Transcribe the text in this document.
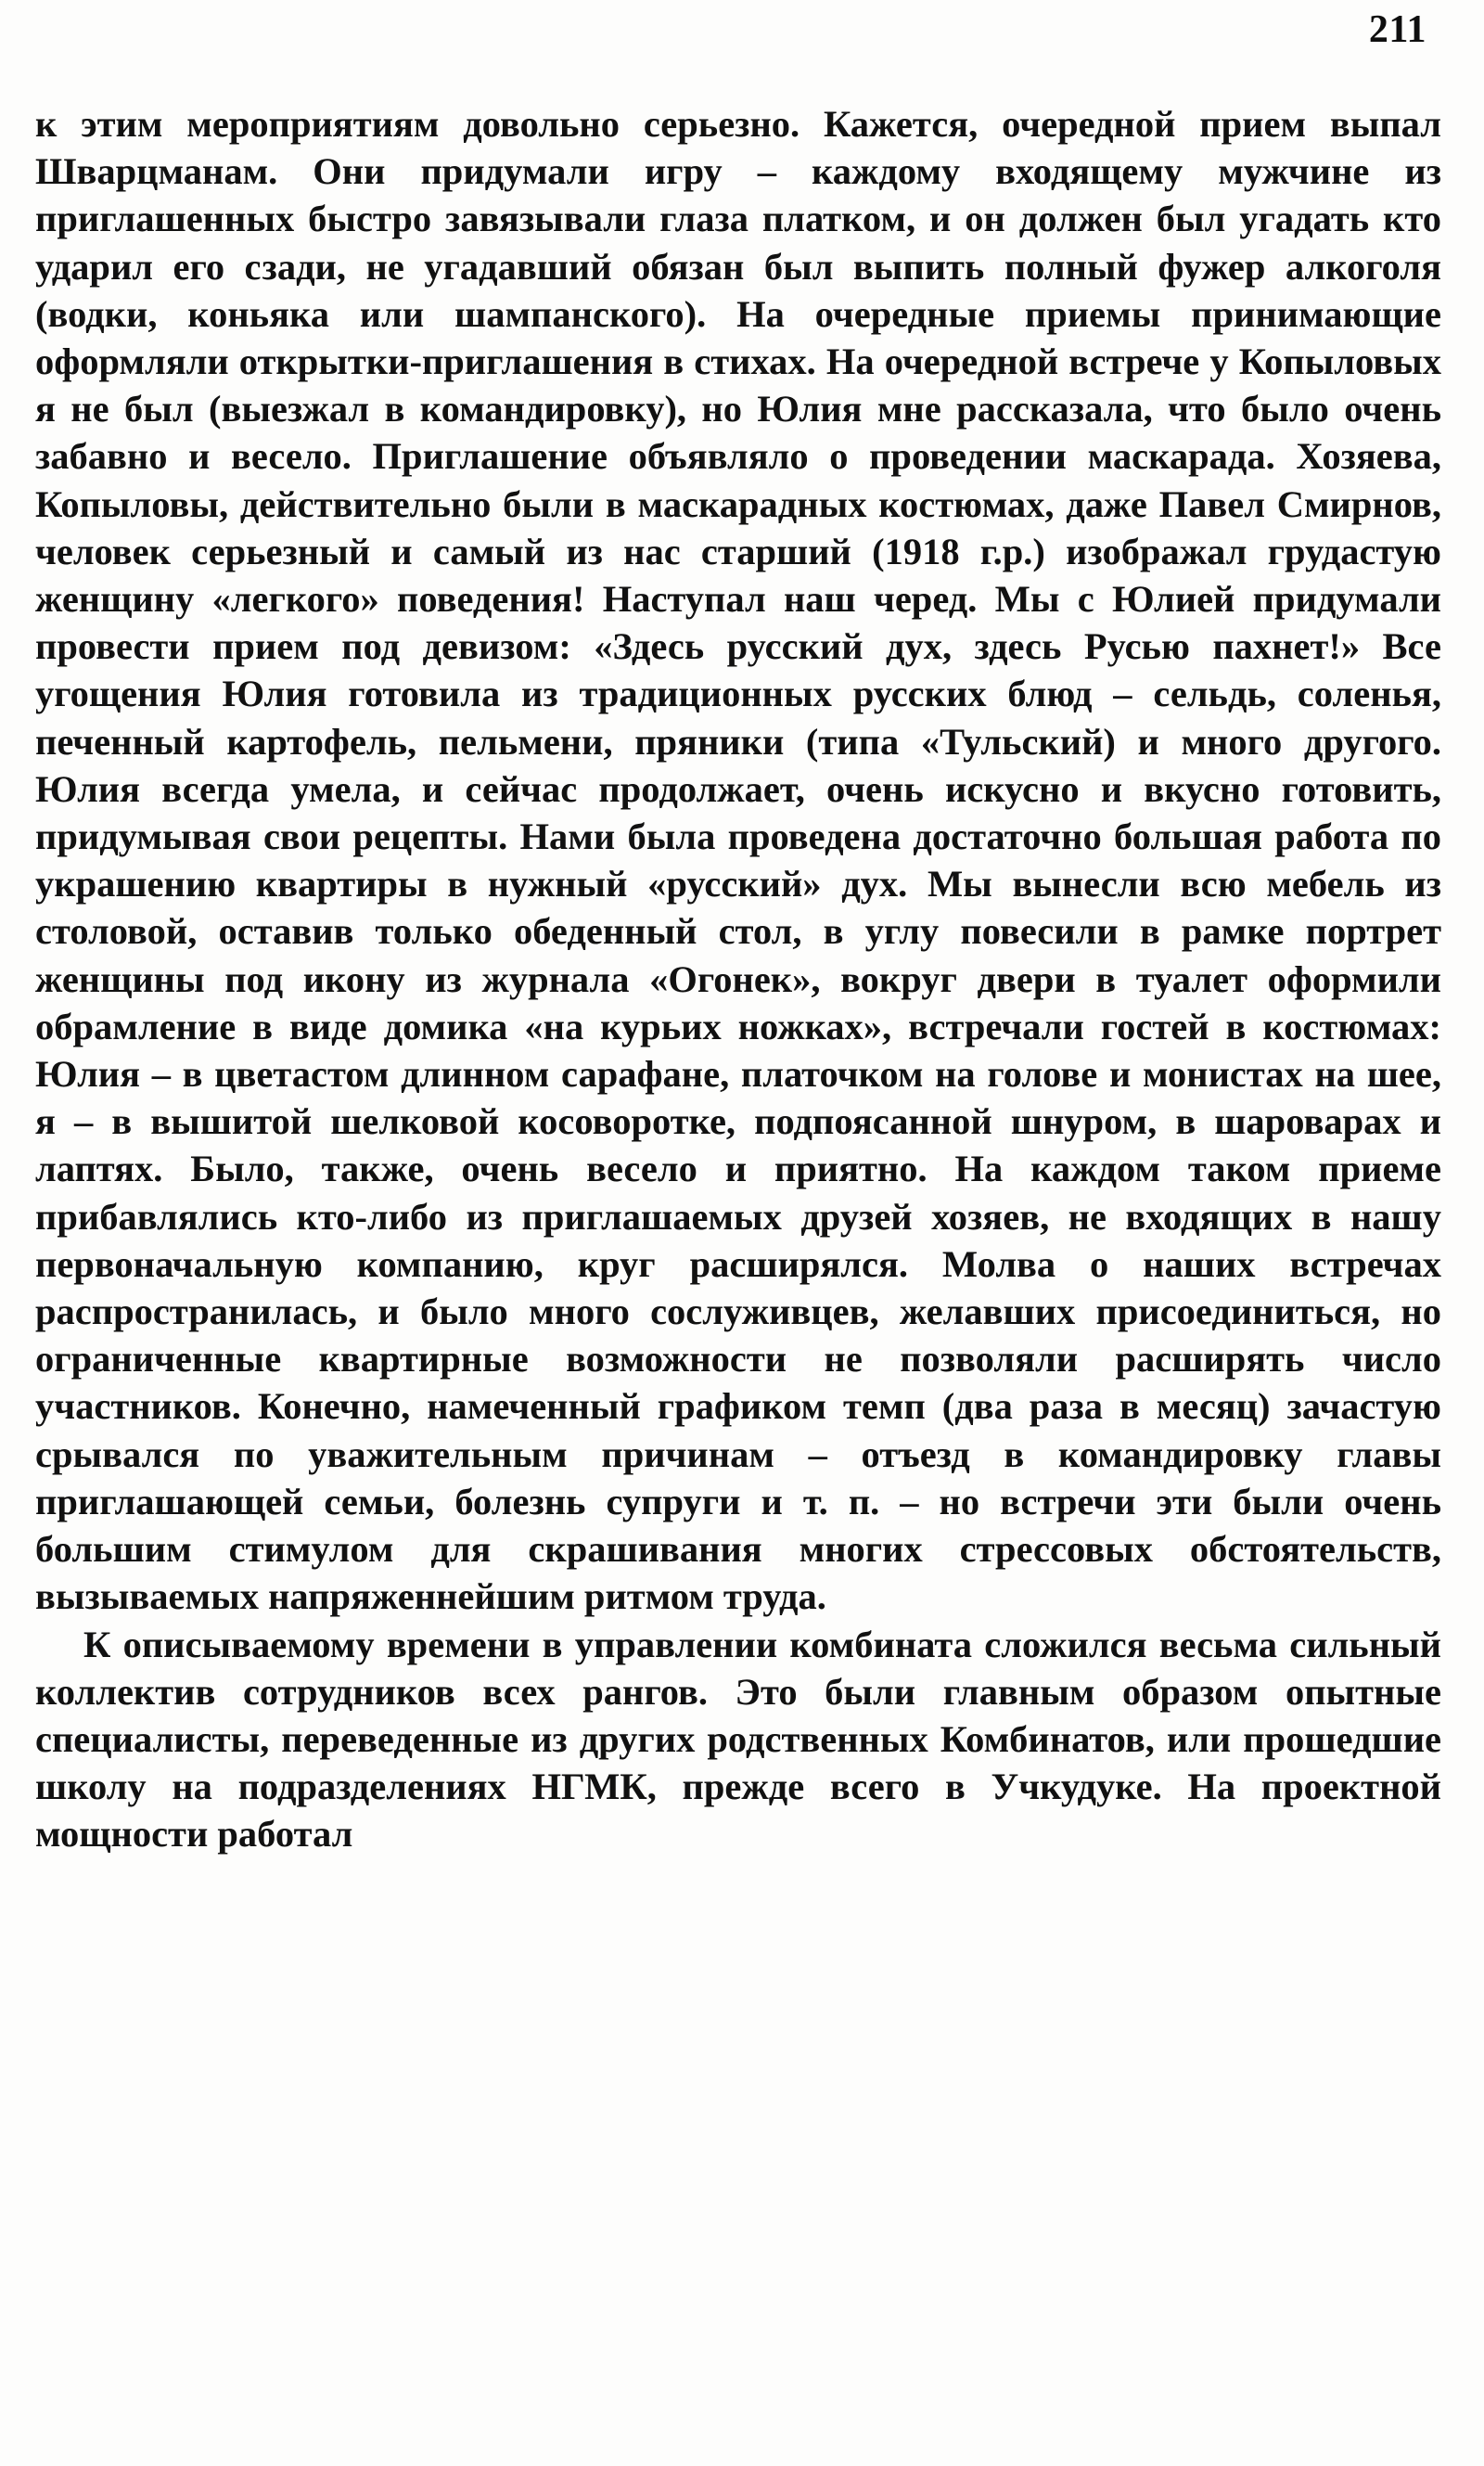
211

к этим мероприятиям довольно серьезно. Кажется, очередной прием выпал Шварцманам. Они придумали игру – каждому входящему мужчине из приглашенных быстро завязывали глаза платком, и он должен был угадать кто ударил его сзади, не угадавший обязан был выпить полный фужер алкоголя (водки, коньяка или шампанского). На очередные приемы принимающие оформляли открытки-приглашения в стихах. На очередной встрече у Копыловых я не был (выезжал в командировку), но Юлия мне рассказала, что было очень забавно и весело. Приглашение объявляло о проведении маскарада. Хозяева, Копыловы, действительно были в маскарадных костюмах, даже Павел Смирнов, человек серьезный и самый из нас старший (1918 г.р.) изображал грудастую женщину «легкого» поведения! Наступал наш черед. Мы с Юлией придумали провести прием под девизом: «Здесь русский дух, здесь Русью пахнет!» Все угощения Юлия готовила из традиционных русских блюд – сельдь, соленья, печенный картофель, пельмени, пряники (типа «Тульский) и много другого. Юлия всегда умела, и сейчас продолжает, очень искусно и вкусно готовить, придумывая свои рецепты. Нами была проведена достаточно большая работа по украшению квартиры в нужный «русский» дух. Мы вынесли всю мебель из столовой, оставив только обеденный стол, в углу повесили в рамке портрет женщины под икону из журнала «Огонек», вокруг двери в туалет оформили обрамление в виде домика «на курьих ножках», встречали гостей в костюмах: Юлия – в цветастом длинном сарафане, платочком на голове и монистах на шее, я – в вышитой шелковой косоворотке, подпоясанной шнуром, в шароварах и лаптях. Было, также, очень весело и приятно. На каждом таком приеме прибавлялись кто-либо из приглашаемых друзей хозяев, не входящих в нашу первоначальную компанию, круг расширялся. Молва о наших встречах распространилась, и было много сослуживцев, желавших присоединиться, но ограниченные квартирные возможности не позволяли расширять число участников. Конечно, намеченный графиком темп (два раза в месяц) зачастую срывался по уважительным причинам – отъезд в командировку главы приглашающей семьи, болезнь супруги и т. п. – но встречи эти были очень большим стимулом для скрашивания многих стрессовых обстоятельств, вызываемых напряженнейшим ритмом труда.

К описываемому времени в управлении комбината сложился весьма сильный коллектив сотрудников всех рангов. Это были главным образом опытные специалисты, переведенные из других родственных Комбинатов, или прошедшие школу на подразделениях НГМК, прежде всего в Учкудуке. На проектной мощности работал
